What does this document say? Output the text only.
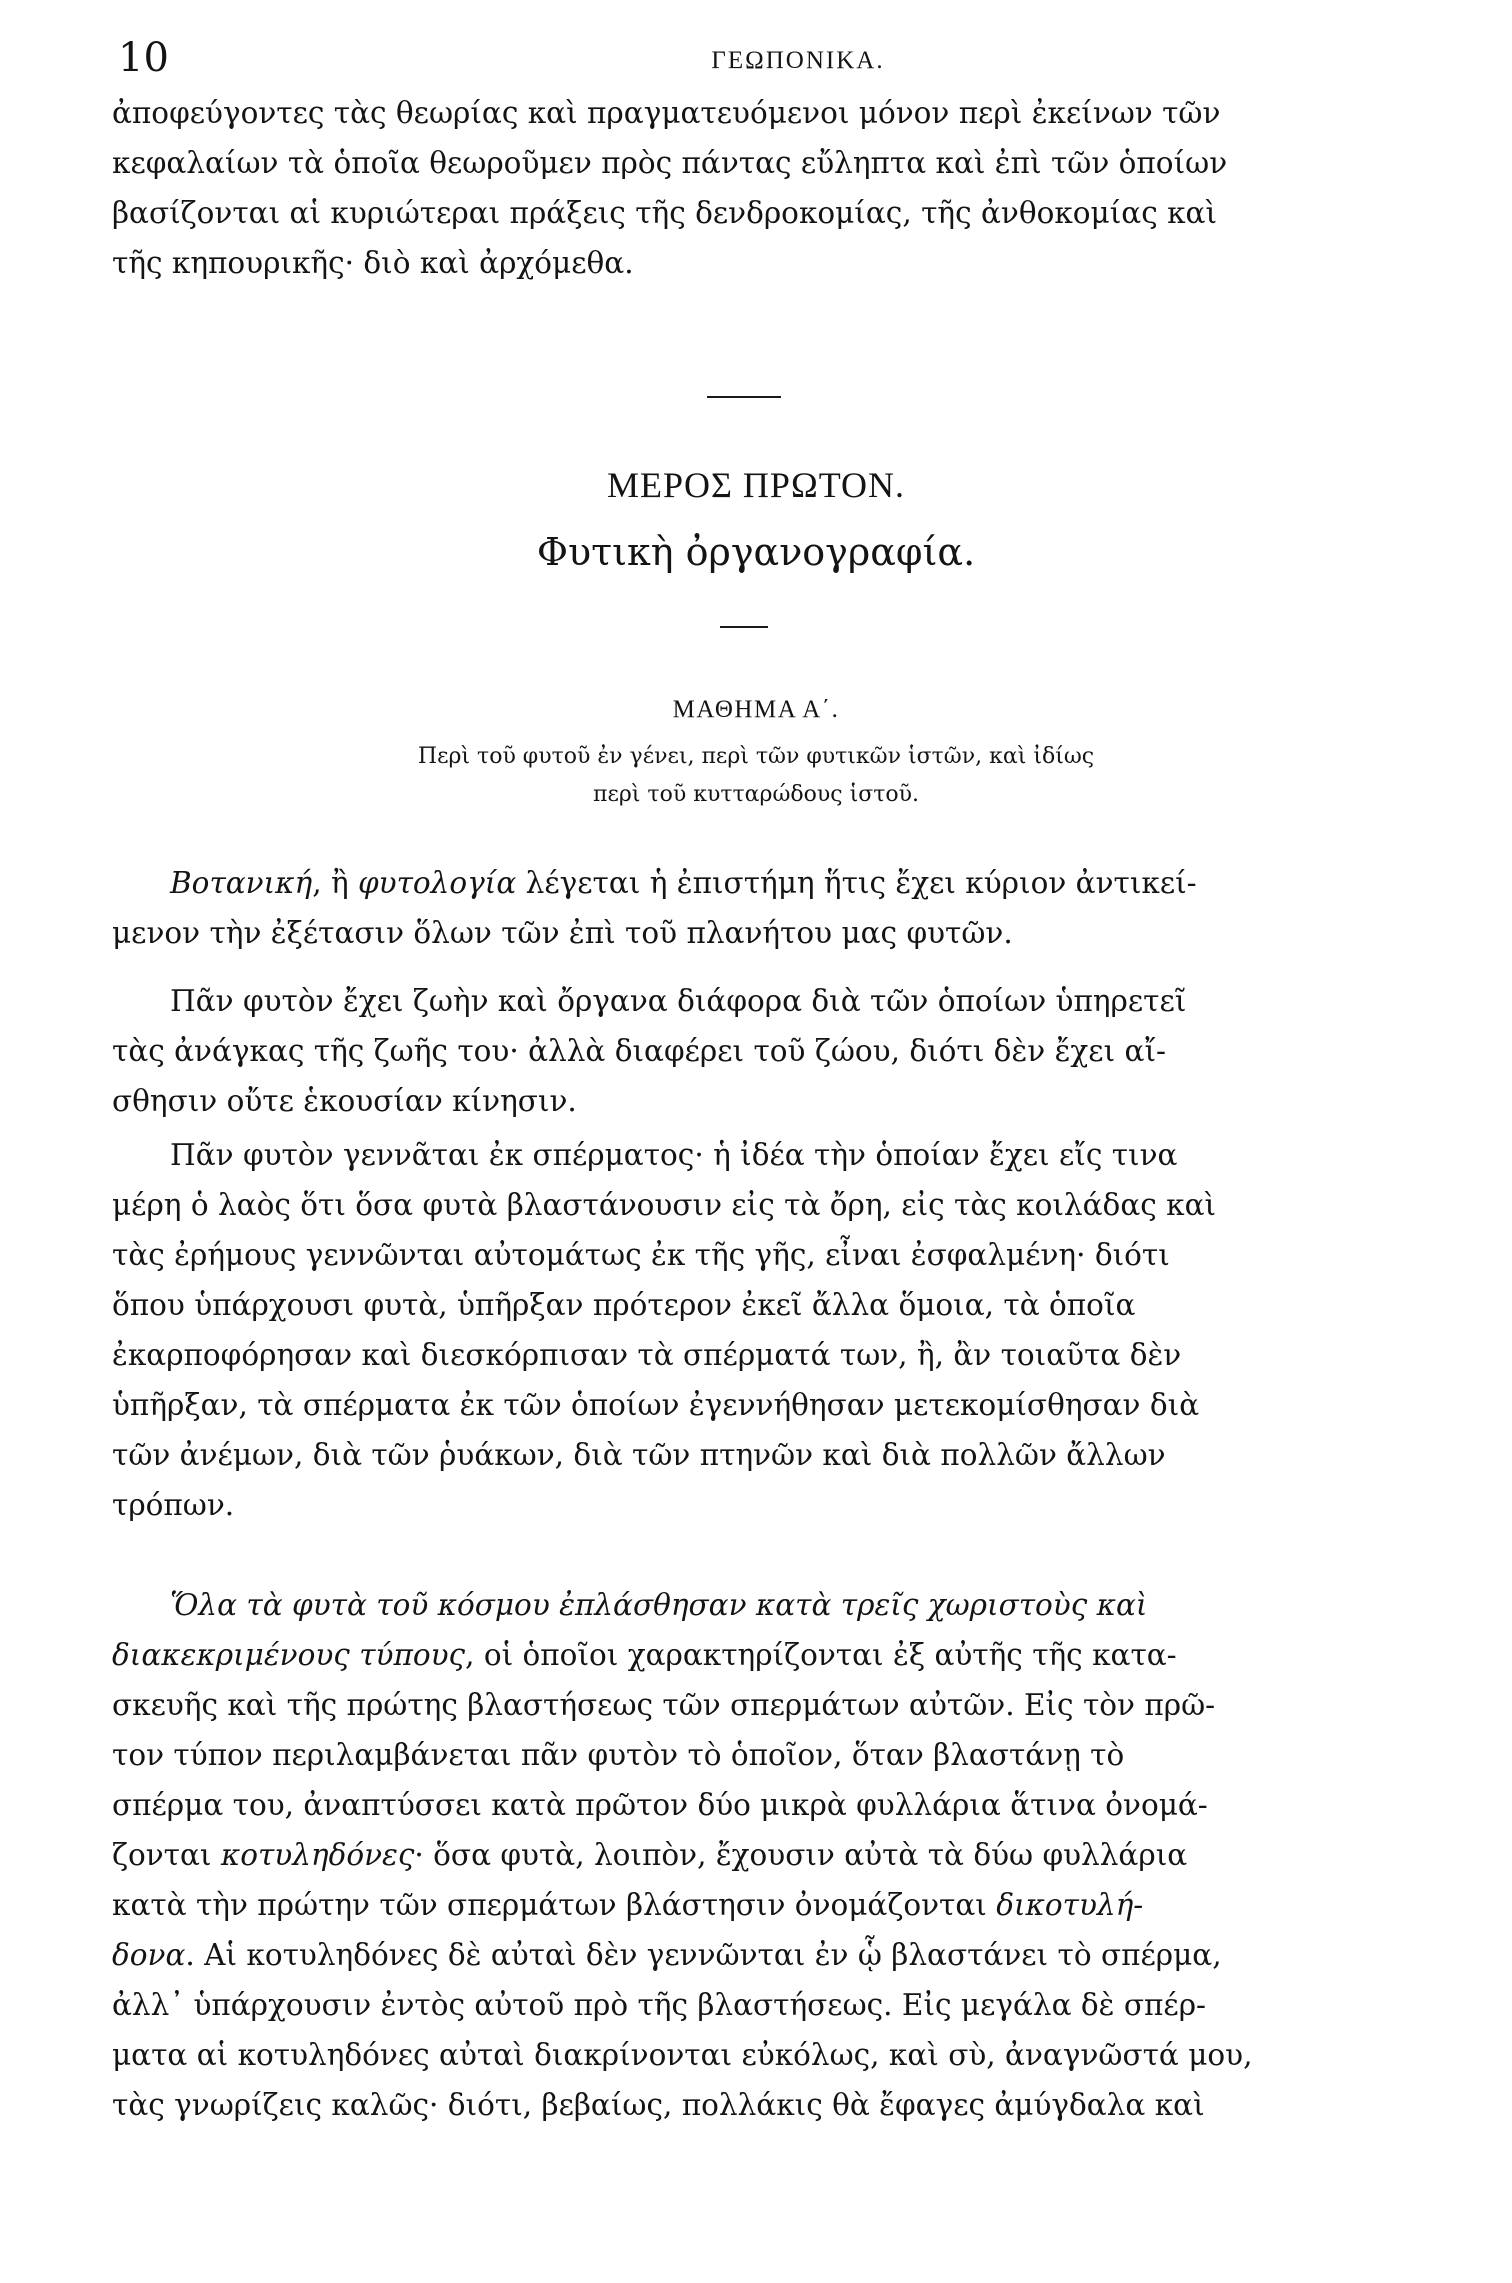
10	ΓΕΩΠΟΝΙΚΑ.

ἀποφεύγοντες τὰς θεωρίας καὶ πραγματευόμενοι μόνον περὶ ἐκείνων τῶν
κεφαλαίων τὰ ὁποῖα θεωροῦμεν πρὸς πάντας εὔληπτα καὶ ἐπὶ τῶν ὁποίων
βασίζονται αἱ κυριώτεραι πράξεις τῆς δενδροκομίας, τῆς ἀνθοκομίας καὶ
τῆς κηπουρικῆς· διὸ καὶ ἀρχόμεθα.

ΜΕΡΟΣ ΠΡΩΤΟΝ.
Φυτικὴ ὀργανογραφία.
ΜΑΘΗΜΑ Α΄.
Περὶ τοῦ φυτοῦ ἐν γένει, περὶ τῶν φυτικῶν ἱστῶν, καὶ ἰδίως
περὶ τοῦ κυτταρώδους ἱστοῦ.

Βοτανική, ἢ φυτολογία λέγεται ἡ ἐπιστήμη ἥτις ἔχει κύριον ἀντικεί-
μενον τὴν ἐξέτασιν ὅλων τῶν ἐπὶ τοῦ πλανήτου μας φυτῶν.

Πᾶν φυτὸν ἔχει ζωὴν καὶ ὄργανα διάφορα διὰ τῶν ὁποίων ὑπηρετεῖ
τὰς ἀνάγκας τῆς ζωῆς του· ἀλλὰ διαφέρει τοῦ ζώου, διότι δὲν ἔχει αἴ-
σθησιν οὔτε ἑκουσίαν κίνησιν.

Πᾶν φυτὸν γεννᾶται ἐκ σπέρματος· ἡ ἰδέα τὴν ὁποίαν ἔχει εἴς τινα
μέρη ὁ λαὸς ὅτι ὅσα φυτὰ βλαστάνουσιν εἰς τὰ ὄρη, εἰς τὰς κοιλάδας καὶ
τὰς ἐρήμους γεννῶνται αὐτομάτως ἐκ τῆς γῆς, εἶναι ἐσφαλμένη· διότι
ὅπου ὑπάρχουσι φυτὰ, ὑπῆρξαν πρότερον ἐκεῖ ἄλλα ὅμοια, τὰ ὁποῖα
ἐκαρποφόρησαν καὶ διεσκόρπισαν τὰ σπέρματά των, ἢ, ἂν τοιαῦτα δὲν
ὑπῆρξαν, τὰ σπέρματα ἐκ τῶν ὁποίων ἐγεννήθησαν μετεκομίσθησαν διὰ
τῶν ἀνέμων, διὰ τῶν ῥυάκων, διὰ τῶν πτηνῶν καὶ διὰ πολλῶν ἄλλων
τρόπων.

Ὅλα τὰ φυτὰ τοῦ κόσμου ἐπλάσθησαν κατὰ τρεῖς χωριστοὺς καὶ
διακεκριμένους τύπους, οἱ ὁποῖοι χαρακτηρίζονται ἐξ αὐτῆς τῆς κατα-
σκευῆς καὶ τῆς πρώτης βλαστήσεως τῶν σπερμάτων αὐτῶν. Εἰς τὸν πρῶ-
τον τύπον περιλαμβάνεται πᾶν φυτὸν τὸ ὁποῖον, ὅταν βλαστάνῃ τὸ
σπέρμα του, ἀναπτύσσει κατὰ πρῶτον δύο μικρὰ φυλλάρια ἅτινα ὀνομά-
ζονται κοτυληδόνες· ὅσα φυτὰ, λοιπὸν, ἔχουσιν αὐτὰ τὰ δύω φυλλάρια
κατὰ τὴν πρώτην τῶν σπερμάτων βλάστησιν ὀνομάζονται δικοτυλή-
δονα. Αἱ κοτυληδόνες δὲ αὐταὶ δὲν γεννῶνται ἐν ᾧ βλαστάνει τὸ σπέρμα,
ἀλλ᾽ ὑπάρχουσιν ἐντὸς αὐτοῦ πρὸ τῆς βλαστήσεως. Εἰς μεγάλα δὲ σπέρ-
ματα αἱ κοτυληδόνες αὐταὶ διακρίνονται εὐκόλως, καὶ σὺ, ἀναγνῶστά μου,
τὰς γνωρίζεις καλῶς· διότι, βεβαίως, πολλάκις θὰ ἔφαγες ἀμύγδαλα καὶ
